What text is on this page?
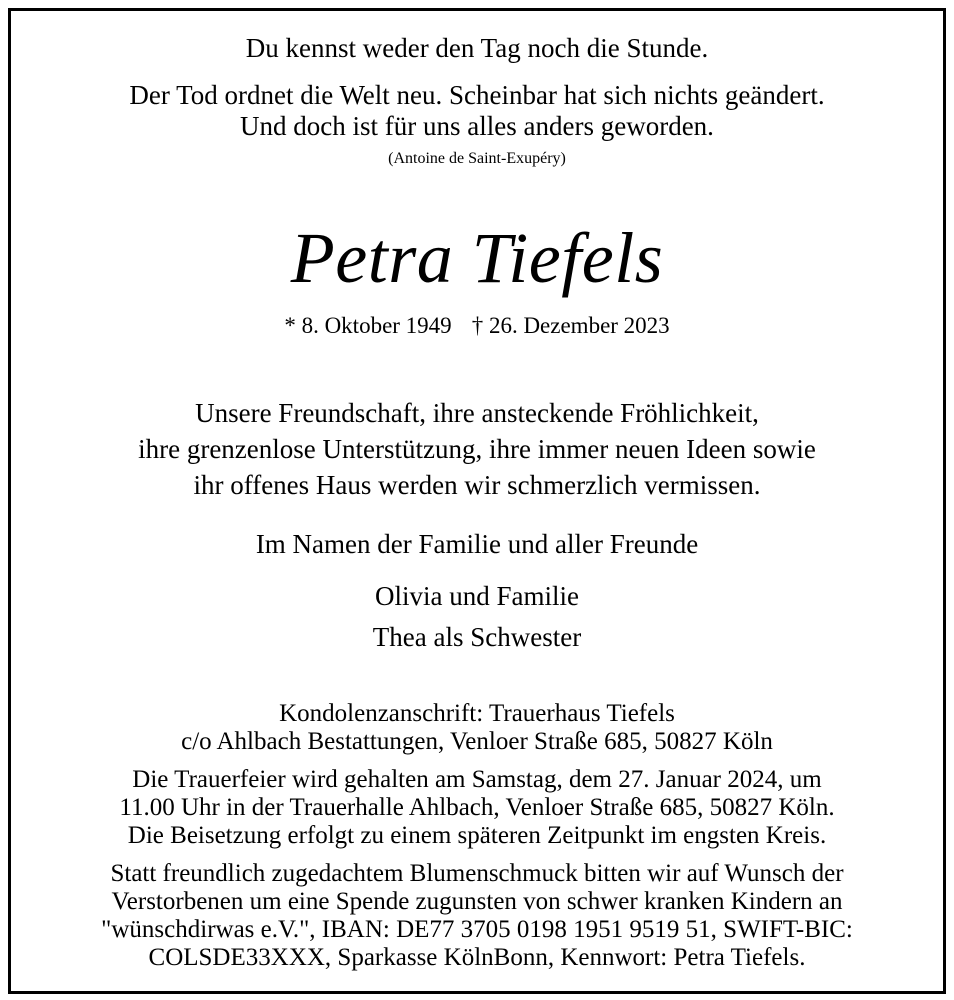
Du kennst weder den Tag noch die Stunde.
Der Tod ordnet die Welt neu. Scheinbar hat sich nichts geändert.
Und doch ist für uns alles anders geworden.
(Antoine de Saint-Exupéry)
Petra Tiefels
* 8. Oktober 1949 † 26. Dezember 2023
Unsere Freundschaft, ihre ansteckende Fröhlichkeit,
ihre grenzenlose Unterstützung, ihre immer neuen Ideen sowie
ihr offenes Haus werden wir schmerzlich vermissen.
Im Namen der Familie und aller Freunde
Olivia und Familie
Thea als Schwester
Kondolenzanschrift: Trauerhaus Tiefels
c/o Ahlbach Bestattungen, Venloer Straße 685, 50827 Köln
Die Trauerfeier wird gehalten am Samstag, dem 27. Januar 2024, um
11.00 Uhr in der Trauerhalle Ahlbach, Venloer Straße 685, 50827 Köln.
Die Beisetzung erfolgt zu einem späteren Zeitpunkt im engsten Kreis.
Statt freundlich zugedachtem Blumenschmuck bitten wir auf Wunsch der
Verstorbenen um eine Spende zugunsten von schwer kranken Kindern an
"wünschdirwas e.V.", IBAN: DE77 3705 0198 1951 9519 51, SWIFT-BIC:
COLSDE33XXX, Sparkasse KölnBonn, Kennwort: Petra Tiefels.
